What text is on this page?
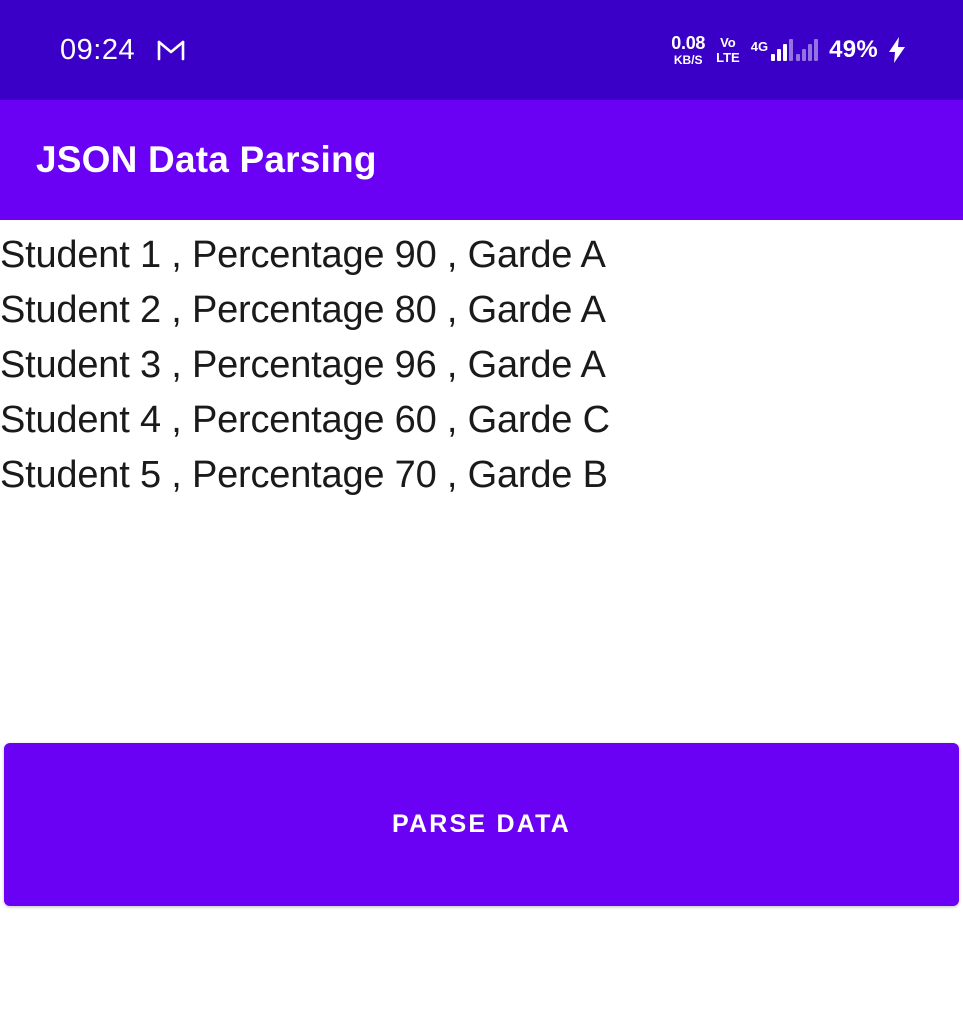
09:24	0.08
KB/S
Vo
LTE
4G	49%
JSON Data Parsing
Student 1 , Percentage 90 , Garde A
Student 2 , Percentage 80 , Garde A
Student 3 , Percentage 96 , Garde A
Student 4 , Percentage 60 , Garde C
Student 5 , Percentage 70 , Garde B
PARSE DATA
